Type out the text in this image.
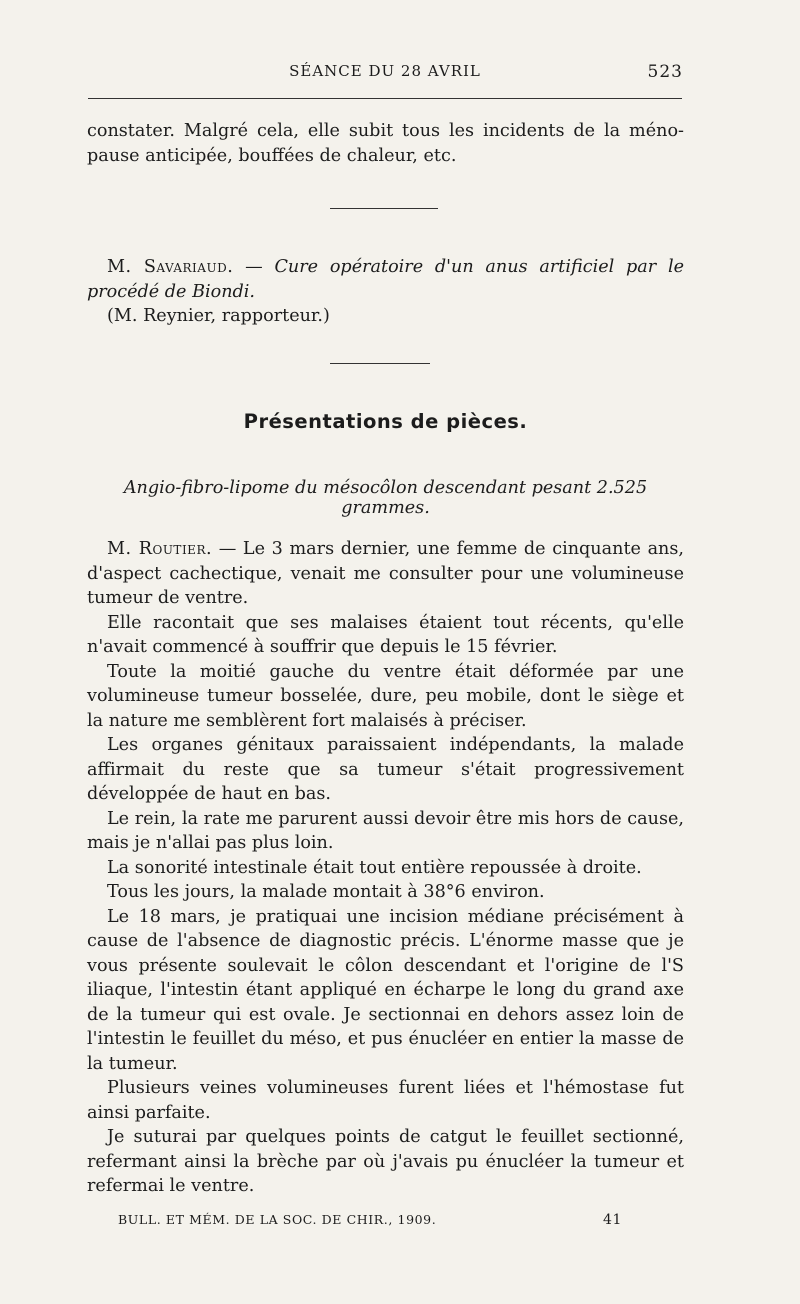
SÉANCE DU 28 AVRIL	523

constater. Malgré cela, elle subit tous les incidents de la méno-pause anticipée, bouffées de chaleur, etc.

M. Savariaud. — Cure opératoire d'un anus artificiel par le procédé de Biondi.

(M. Reynier, rapporteur.)

Présentations de pièces.
Angio-fibro-lipome du mésocôlon descendant pesant 2.525 grammes.

M. Routier. — Le 3 mars dernier, une femme de cinquante ans, d'aspect cachectique, venait me consulter pour une volumineuse tumeur de ventre.

Elle racontait que ses malaises étaient tout récents, qu'elle n'avait commencé à souffrir que depuis le 15 février.

Toute la moitié gauche du ventre était déformée par une volumineuse tumeur bosselée, dure, peu mobile, dont le siège et la nature me semblèrent fort malaisés à préciser.

Les organes génitaux paraissaient indépendants, la malade affirmait du reste que sa tumeur s'était progressivement développée de haut en bas.

Le rein, la rate me parurent aussi devoir être mis hors de cause, mais je n'allai pas plus loin.

La sonorité intestinale était tout entière repoussée à droite.

Tous les jours, la malade montait à 38°6 environ.

Le 18 mars, je pratiquai une incision médiane précisément à cause de l'absence de diagnostic précis. L'énorme masse que je vous présente soulevait le côlon descendant et l'origine de l'S iliaque, l'intestin étant appliqué en écharpe le long du grand axe de la tumeur qui est ovale. Je sectionnai en dehors assez loin de l'intestin le feuillet du méso, et pus énucléer en entier la masse de la tumeur.

Plusieurs veines volumineuses furent liées et l'hémostase fut ainsi parfaite.

Je suturai par quelques points de catgut le feuillet sectionné, refermant ainsi la brèche par où j'avais pu énucléer la tumeur et refermai le ventre.

BULL. ET MÉM. DE LA SOC. DE CHIR., 1909.	41
